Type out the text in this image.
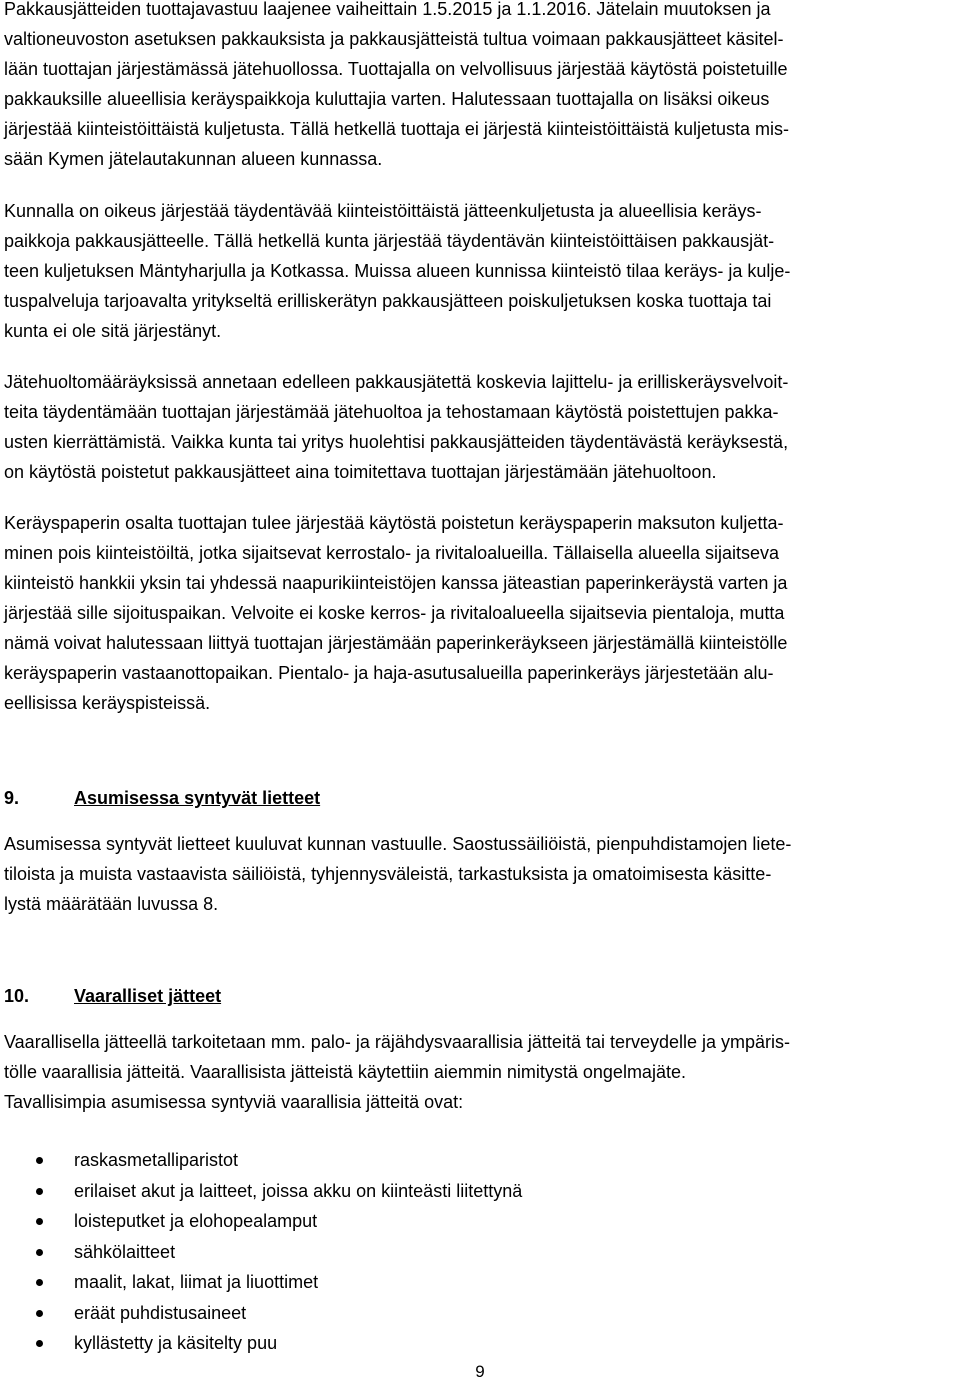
Pakkausjätteiden tuottajavastuu laajenee vaiheittain 1.5.2015 ja 1.1.2016. Jätelain muutoksen ja
valtioneuvoston asetuksen pakkauksista ja pakkausjätteistä tultua voimaan pakkausjätteet käsitel-
lään tuottajan järjestämässä jätehuollossa. Tuottajalla on velvollisuus järjestää käytöstä poistetuille
pakkauksille alueellisia keräyspaikkoja kuluttajia varten. Halutessaan tuottajalla on lisäksi oikeus
järjestää kiinteistöittäistä kuljetusta. Tällä hetkellä tuottaja ei järjestä kiinteistöittäistä kuljetusta mis-
sään Kymen jätelautakunnan alueen kunnassa.
Kunnalla on oikeus järjestää täydentävää kiinteistöittäistä jätteenkuljetusta ja alueellisia keräys-
paikkoja pakkausjätteelle. Tällä hetkellä kunta järjestää täydentävän kiinteistöittäisen pakkausjät-
teen kuljetuksen Mäntyharjulla ja Kotkassa. Muissa alueen kunnissa kiinteistö tilaa keräys- ja kulje-
tuspalveluja tarjoavalta yritykseltä erilliskerätyn pakkausjätteen poiskuljetuksen koska tuottaja tai
kunta ei ole sitä järjestänyt.
Jätehuoltomääräyksissä annetaan edelleen pakkausjätettä koskevia lajittelu- ja erilliskeräysvelvoit-
teita täydentämään tuottajan järjestämää jätehuoltoa ja tehostamaan käytöstä poistettujen pakka-
usten kierrättämistä. Vaikka kunta tai yritys huolehtisi pakkausjätteiden täydentävästä keräyksestä,
on käytöstä poistetut pakkausjätteet aina toimitettava tuottajan järjestämään jätehuoltoon.
Keräyspaperin osalta tuottajan tulee järjestää käytöstä poistetun keräyspaperin maksuton kuljetta-
minen pois kiinteistöiltä, jotka sijaitsevat kerrostalo- ja rivitaloalueilla. Tällaisella alueella sijaitseva
kiinteistö hankkii yksin tai yhdessä naapurikiinteistöjen kanssa jäteastian paperinkeräystä varten ja
järjestää sille sijoituspaikan. Velvoite ei koske kerros- ja rivitaloalueella sijaitsevia pientaloja, mutta
nämä voivat halutessaan liittyä tuottajan järjestämään paperinkeräykseen järjestämällä kiinteistölle
keräyspaperin vastaanottopaikan. Pientalo- ja haja-asutusalueilla paperinkeräys järjestetään alu-
eellisissa keräyspisteissä.
9.	Asumisessa syntyvät lietteet
Asumisessa syntyvät lietteet kuuluvat kunnan vastuulle. Saostussäiliöistä, pienpuhdistamojen liete-
tiloista ja muista vastaavista säiliöistä, tyhjennysväleistä, tarkastuksista ja omatoimisesta käsitte-
lystä määrätään luvussa 8.
10. Vaaralliset jätteet
Vaarallisella jätteellä tarkoitetaan mm. palo- ja räjähdysvaarallisia jätteitä tai terveydelle ja ympäris-
tölle vaarallisia jätteitä. Vaarallisista jätteistä käytettiin aiemmin nimitystä ongelmajäte.
Tavallisimpia asumisessa syntyviä vaarallisia jätteitä ovat:
raskasmetalliparistot
erilaiset akut ja laitteet, joissa akku on kiinteästi liitettynä
loisteputket ja elohopealamput
sähkölaitteet
maalit, lakat, liimat ja liuottimet
eräät puhdistusaineet
kyllästetty ja käsitelty puu
9
